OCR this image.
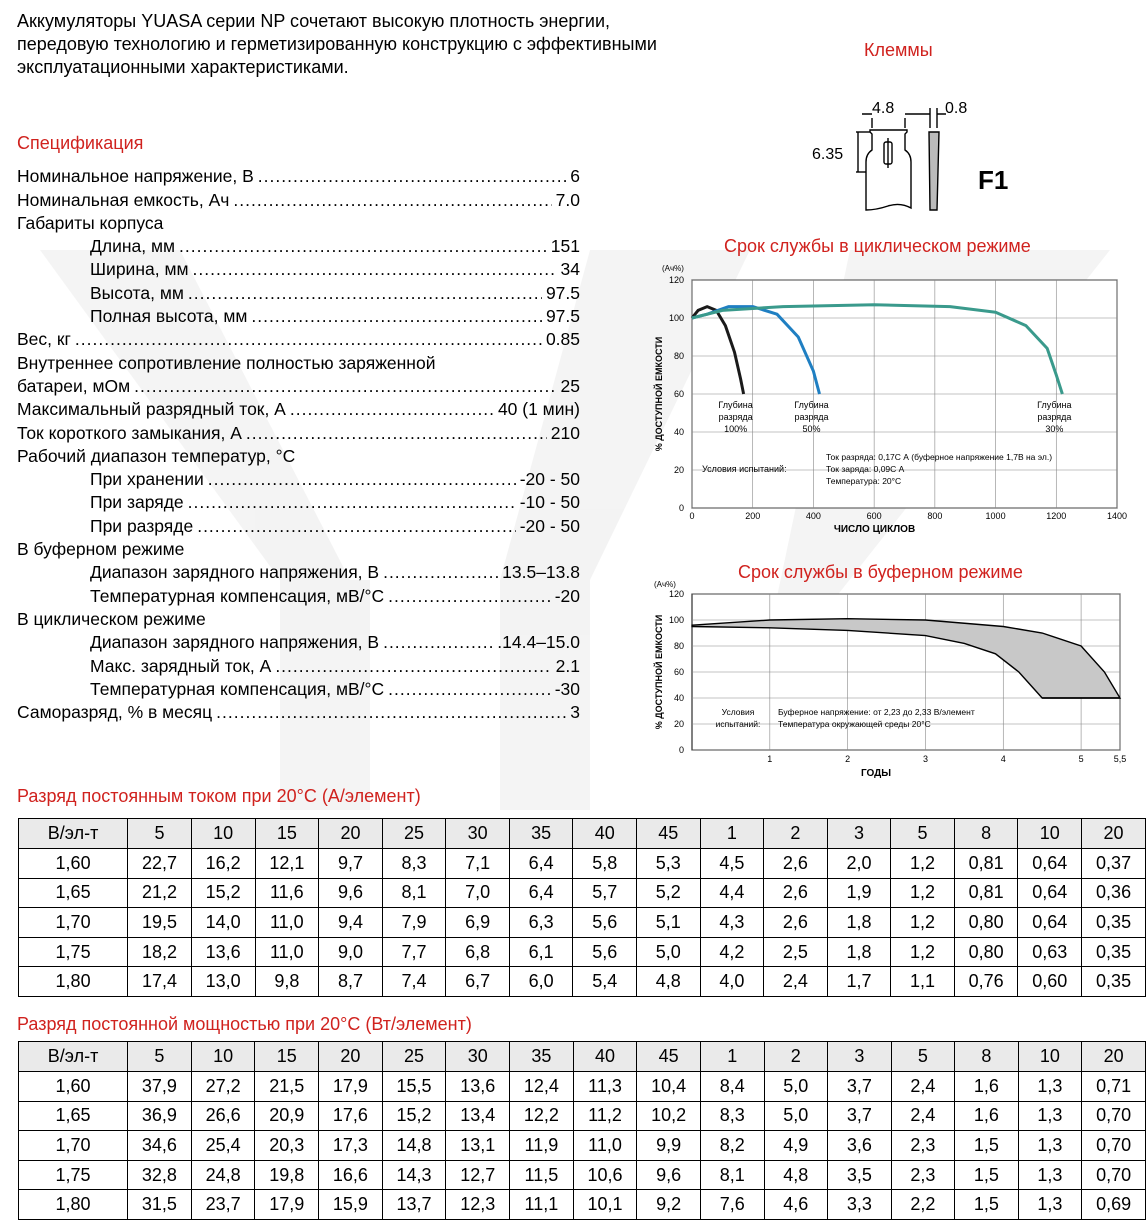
Аккумуляторы YUASA серии NP сочетают высокую плотность энергии,
передовую технологию и герметизированную конструкцию с эффективными
эксплуатационными характеристиками.
Спецификация
Номинальное напряжение, В .....	6
Номинальная емкость, Ач .....	7.0
Габариты корпуса
Длина, мм .....	151
Ширина, мм .....	34
Высота, мм .....	97.5
Полная высота, мм .....	97.5
Вес, кг .....	0.85
Внутреннее сопротивление полностью заряженной
батареи, мОм .....	25
Максимальный разрядный ток, А .....	40 (1 мин)
Ток короткого замыкания, А .....	210
Рабочий диапазон температур, °С
При хранении .....	-20 - 50
При заряде .....	-10 - 50
При разряде .....	-20 - 50
В буферном режиме
Диапазон зарядного напряжения, В .....	13.5–13.8
Температурная компенсация, мВ/°С .....	-20
В циклическом режиме
Диапазон зарядного напряжения, В .....	.14.4–15.0
Макс. зарядный ток, А .....	2.1
Температурная компенсация, мВ/°С .....	-30
Саморазряд, % в месяц .....	3
Клеммы
4.8	0.8
6.35
F1
Срок службы в циклическом режиме
0	200	400	600	800	1000	1200	1400
0
20
40
60
80
100
120
(Ач%)
% ДОСТУПНОЙ ЕМКОСТИ
ЧИСЛО ЦИКЛОВ
Глубина
разряда
100%
Глубина
разряда
50%
Глубина
разряда
30%
Условия испытаний:
Ток разряда: 0,17С А (буферное напряжение 1,7В на эл.)
Ток заряда: 0,09С А
Температура: 20°С
Срок службы в буферном режиме
1	2	3	4	5	5,5
0
20
40
60
80
100
120
(Ач%)
% ДОСТУПНОЙ ЕМКОСТИ
ГОДЫ
Условия
испытаний:
Буферное напряжение: от 2,23 до 2,33 В/элемент
Температура окружающей среды 20°С
Разряд постоянным током при 20°С (А/элемент)
В/эл-т	5	10	15	20	25	30	35	40	45	1	2	3	5	8	10	20
1,60	22,7	16,2	12,1	9,7	8,3	7,1	6,4	5,8	5,3	4,5	2,6	2,0	1,2	0,81	0,64	0,37
1,65	21,2	15,2	11,6	9,6	8,1	7,0	6,4	5,7	5,2	4,4	2,6	1,9	1,2	0,81	0,64	0,36
1,70	19,5	14,0	11,0	9,4	7,9	6,9	6,3	5,6	5,1	4,3	2,6	1,8	1,2	0,80	0,64	0,35
1,75	18,2	13,6	11,0	9,0	7,7	6,8	6,1	5,6	5,0	4,2	2,5	1,8	1,2	0,80	0,63	0,35
1,80	17,4	13,0	9,8	8,7	7,4	6,7	6,0	5,4	4,8	4,0	2,4	1,7	1,1	0,76	0,60	0,35
Разряд постоянной мощностью при 20°С (Вт/элемент)
В/эл-т	5	10	15	20	25	30	35	40	45	1	2	3	5	8	10	20
1,60	37,9	27,2	21,5	17,9	15,5	13,6	12,4	11,3	10,4	8,4	5,0	3,7	2,4	1,6	1,3	0,71
1,65	36,9	26,6	20,9	17,6	15,2	13,4	12,2	11,2	10,2	8,3	5,0	3,7	2,4	1,6	1,3	0,70
1,70	34,6	25,4	20,3	17,3	14,8	13,1	11,9	11,0	9,9	8,2	4,9	3,6	2,3	1,5	1,3	0,70
1,75	32,8	24,8	19,8	16,6	14,3	12,7	11,5	10,6	9,6	8,1	4,8	3,5	2,3	1,5	1,3	0,70
1,80	31,5	23,7	17,9	15,9	13,7	12,3	11,1	10,1	9,2	7,6	4,6	3,3	2,2	1,5	1,3	0,69
